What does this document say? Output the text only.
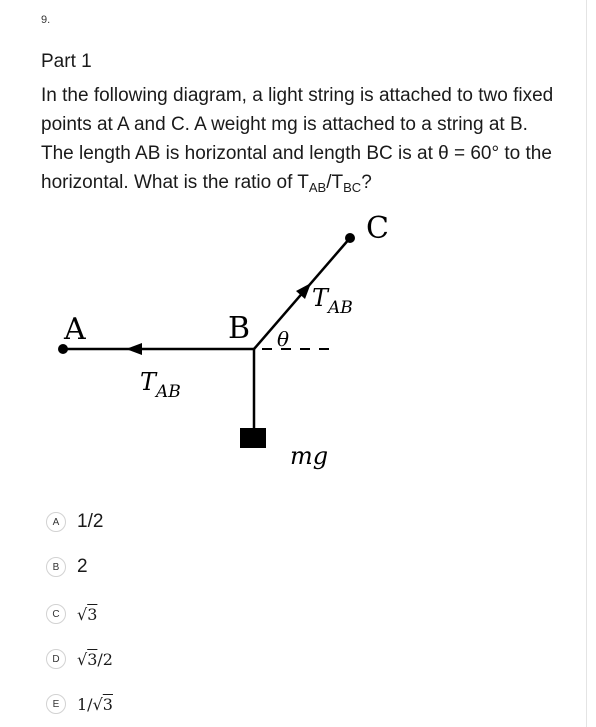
9.
Part 1
In the following diagram, a light string is attached to two fixed points at A and C. A weight mg is attached to a string at B. The length AB is horizontal and length BC is at θ = 60° to the horizontal. What is the ratio of $T_{AB}/T_{BC}$?
A	B
C
θ
$T_{AB}$
$T_{AB}$
mg
A 1/2
B 2
C	√3
D	√3/2
E	1/√3
